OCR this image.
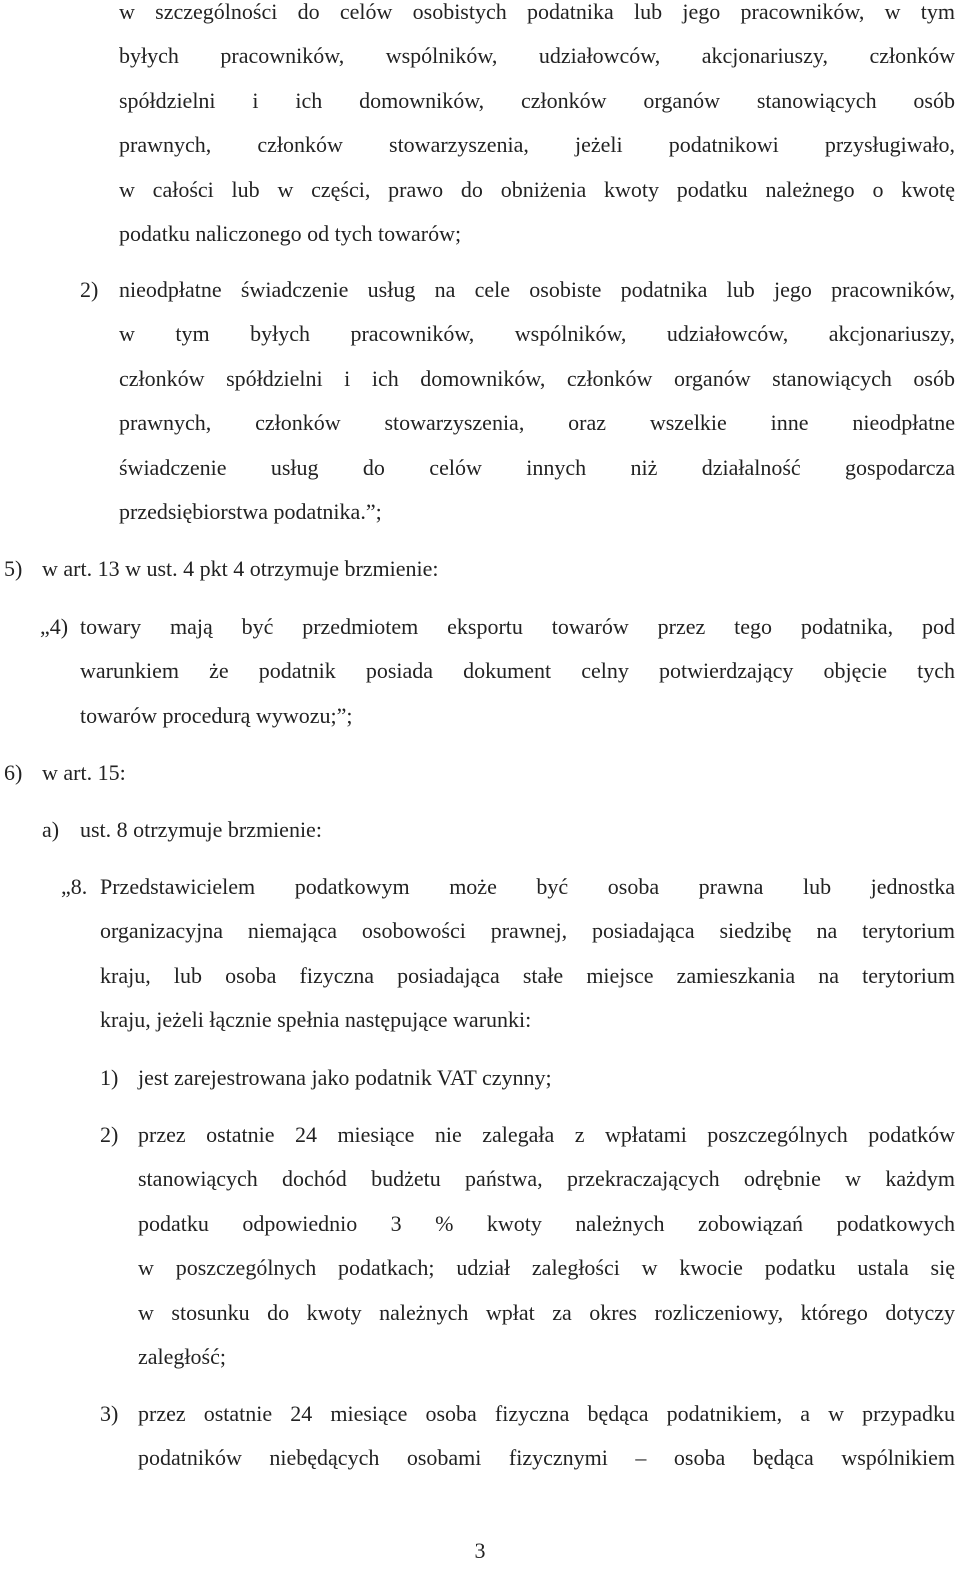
w szczególności do celów osobistych podatnika lub jego pracowników, w tym
byłych pracowników, wspólników, udziałowców, akcjonariuszy, członków
spółdzielni i ich domowników, członków organów stanowiących osób
prawnych, członków stowarzyszenia, jeżeli podatnikowi przysługiwało,
w całości lub w części, prawo do obniżenia kwoty podatku należnego o kwotę
podatku naliczonego od tych towarów;
2) nieodpłatne świadczenie usług na cele osobiste podatnika lub jego pracowników,
w tym byłych pracowników, wspólników, udziałowców, akcjonariuszy,
członków spółdzielni i ich domowników, członków organów stanowiących osób
prawnych, członków stowarzyszenia, oraz wszelkie inne nieodpłatne
świadczenie usług do celów innych niż działalność gospodarcza
przedsiębiorstwa podatnika.”;
5) w art. 13 w ust. 4 pkt 4 otrzymuje brzmienie:
„4) towary mają być przedmiotem eksportu towarów przez tego podatnika, pod
warunkiem że podatnik posiada dokument celny potwierdzający objęcie tych
towarów procedurą wywozu;”;
6) w art. 15:
a) ust. 8 otrzymuje brzmienie:
„8. Przedstawicielem podatkowym może być osoba prawna lub jednostka
organizacyjna niemająca osobowości prawnej, posiadająca siedzibę na terytorium
kraju, lub osoba fizyczna posiadająca stałe miejsce zamieszkania na terytorium
kraju, jeżeli łącznie spełnia następujące warunki:
1) jest zarejestrowana jako podatnik VAT czynny;
2) przez ostatnie 24 miesiące nie zalegała z wpłatami poszczególnych podatków
stanowiących dochód budżetu państwa, przekraczających odrębnie w każdym
podatku odpowiednio 3 % kwoty należnych zobowiązań podatkowych
w poszczególnych podatkach; udział zaległości w kwocie podatku ustala się
w stosunku do kwoty należnych wpłat za okres rozliczeniowy, którego dotyczy
zaległość;
3) przez ostatnie 24 miesiące osoba fizyczna będąca podatnikiem, a w przypadku
podatników niebędących osobami fizycznymi – osoba będąca wspólnikiem
3
